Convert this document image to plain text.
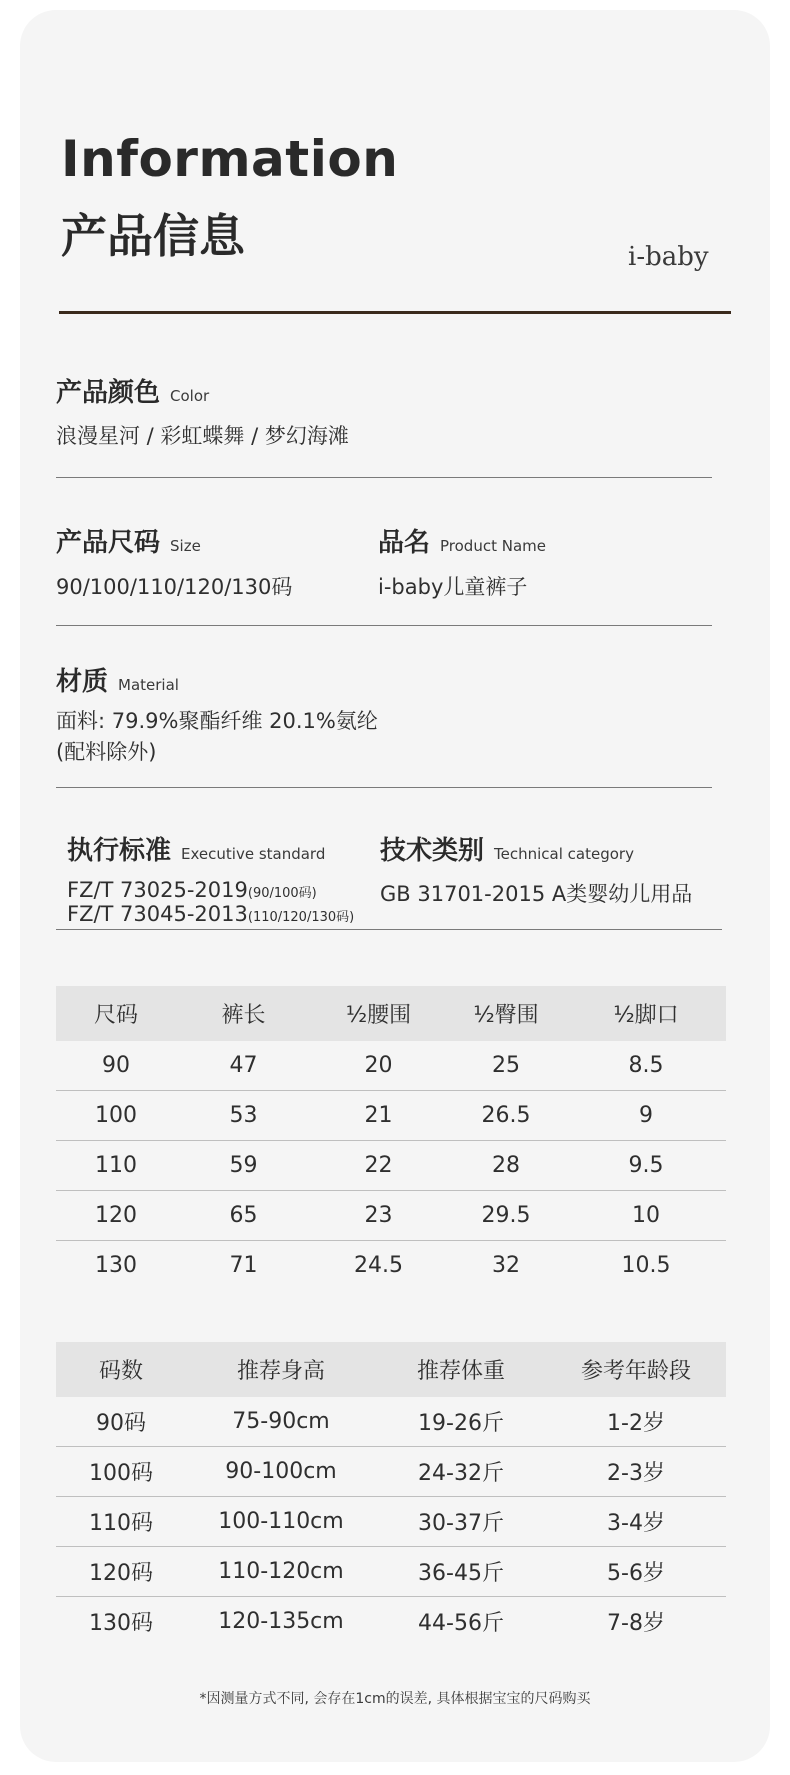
Information
产品信息	i-baby
产品颜色 Color
浪漫星河 / 彩虹蝶舞 / 梦幻海滩
产品尺码 Size
90/100/110/120/130码
品名 Product Name
i-baby儿童裤子
材质 Material
面料: 79.9%聚酯纤维 20.1%氨纶
(配料除外)
执行标准 Executive standard
FZ/T 73025-2019(90/100码)
FZ/T 73045-2013(110/120/130码)
技术类别 Technical category
GB 31701-2015 A类婴幼儿用品
尺码	裤长	½腰围	½臀围	½脚口
90	47	20	25	8.5
100	53	21	26.5	9
110	59	22	28	9.5
120	65	23	29.5	10
130	71	24.5	32	10.5
码数	推荐身高	推荐体重	参考年龄段
90码	75-90cm	19-26斤	1-2岁
100码	90-100cm	24-32斤	2-3岁
110码	100-110cm	30-37斤	3-4岁
120码	110-120cm	36-45斤	5-6岁
130码	120-135cm	44-56斤	7-8岁
*因测量方式不同, 会存在1cm的误差, 具体根据宝宝的尺码购买
